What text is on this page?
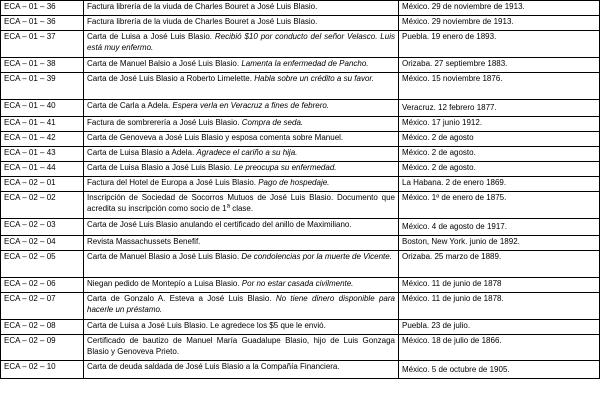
ECA – 01 – 36	Factura librería de la viuda de Charles Bouret a José Luis Blasio.	México. 29 de noviembre de 1913.
ECA – 01 – 36	Factura librería de la viuda de Charles Bouret a José Luis Blasio.	México. 29 noviembre de 1913.
ECA – 01 – 37	Carta de Luisa a José Luis Blasio. Recibió $10 por conducto del señor Velasco. Luis está muy enfermo.	Puebla. 19 enero de 1893.
ECA – 01 – 38	Carta de Manuel Balsio a José Luis Blasio. Lamenta la enfermedad de Pancho.	Orizaba. 27 septiembre 1883.
ECA – 01 – 39	Carta de José Luis Blasio a Roberto Limelette. Habla sobre un crédito a su favor.	México. 15 noviembre 1876.
ECA – 01 – 40	Carta de Carla a Adela. Espera verla en Veracruz a fines de febrero.	Veracruz. 12 febrero 1877.
ECA – 01 – 41	Factura de sombrerería a José Luis Blasio. Compra de seda.	México. 17 junio 1912.
ECA – 01 – 42	Carta de Genoveva a José Luis Blasio y esposa comenta sobre Manuel.	México. 2 de agosto
ECA – 01 – 43	Carta de Luisa Blasio a Adela. Agradece el cariño a su hija.	México. 2 de agosto.
ECA – 01 – 44	Carta de Luisa Blasio a José Luis Blasio. Le preocupa su enfermedad.	México. 2 de agosto.
ECA – 02 – 01	Factura del Hotel de Europa a José Luis Blasio. Pago de hospedaje.	La Habana. 2 de enero 1869.
ECA – 02 – 02	Inscripción de Sociedad de Socorros Mutuos de José Luis Blasio. Documento que acredita su inscripción como socio de 1$^a$ clase.	México. 1º de enero de 1875.
ECA – 02 – 03	Carta de José Luis Blasio anulando el certificado del anillo de Maximiliano.	México. 4 de agosto de 1917.
ECA – 02 – 04	Revista Massachussets Benefif.	Boston, New York. junio de 1892.
ECA – 02 – 05	Carta de Manuel Blasio a José Luis Blasio. De condolencias por la muerte de Vicente.	Orizaba. 25 marzo de 1889.
ECA – 02 – 06	Niegan pedido de Montepío a Luisa Blasio. Por no estar casada civilmente.	México. 11 de junio de 1878
ECA – 02 – 07	Carta de Gonzalo A. Esteva a José Luis Blasio. No tiene dinero disponible para hacerle un préstamo.	México. 11 de junio de 1878.
ECA – 02 – 08	Carta de Luisa a José Luis Blasio. Le agredece los $5 que le envió.	Puebla. 23 de julio.
ECA – 02 – 09	Certificado de bautizo de Manuel María Guadalupe Blasio, hijo de Luis Gonzaga Blasio y Genoveva Prieto.	México. 18 de julio de 1866.
ECA – 02 – 10	Carta de deuda saldada de José Luis Blasio a la Compañía Financiera.	México. 5 de octubre de 1905.
